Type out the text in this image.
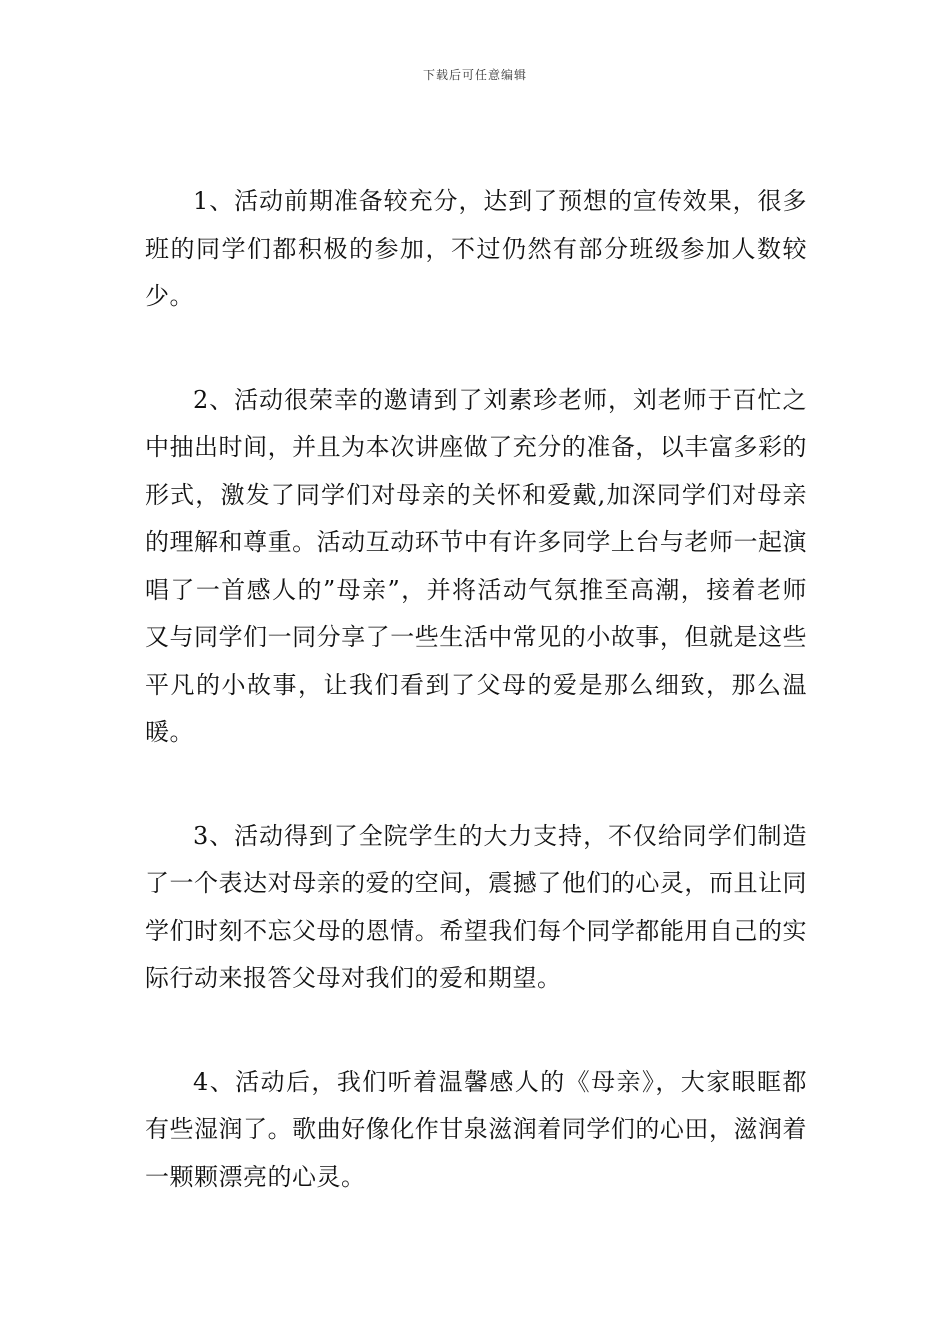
下载后可任意编辑

1、活动前期准备较充分，达到了预想的宣传效果，很多班的同学们都积极的参加，不过仍然有部分班级参加人数较少。

2、活动很荣幸的邀请到了刘素珍老师，刘老师于百忙之中抽出时间，并且为本次讲座做了充分的准备，以丰富多彩的形式，激发了同学们对母亲的关怀和爱戴,加深同学们对母亲的理解和尊重。活动互动环节中有许多同学上台与老师一起演唱了一首感人的”母亲”，并将活动气氛推至高潮，接着老师又与同学们一同分享了一些生活中常见的小故事，但就是这些平凡的小故事，让我们看到了父母的爱是那么细致，那么温暖。

3、活动得到了全院学生的大力支持，不仅给同学们制造了一个表达对母亲的爱的空间，震撼了他们的心灵，而且让同学们时刻不忘父母的恩情。希望我们每个同学都能用自己的实际行动来报答父母对我们的爱和期望。

4、活动后，我们听着温馨感人的《母亲》，大家眼眶都有些湿润了。歌曲好像化作甘泉滋润着同学们的心田，滋润着一颗颗漂亮的心灵。
